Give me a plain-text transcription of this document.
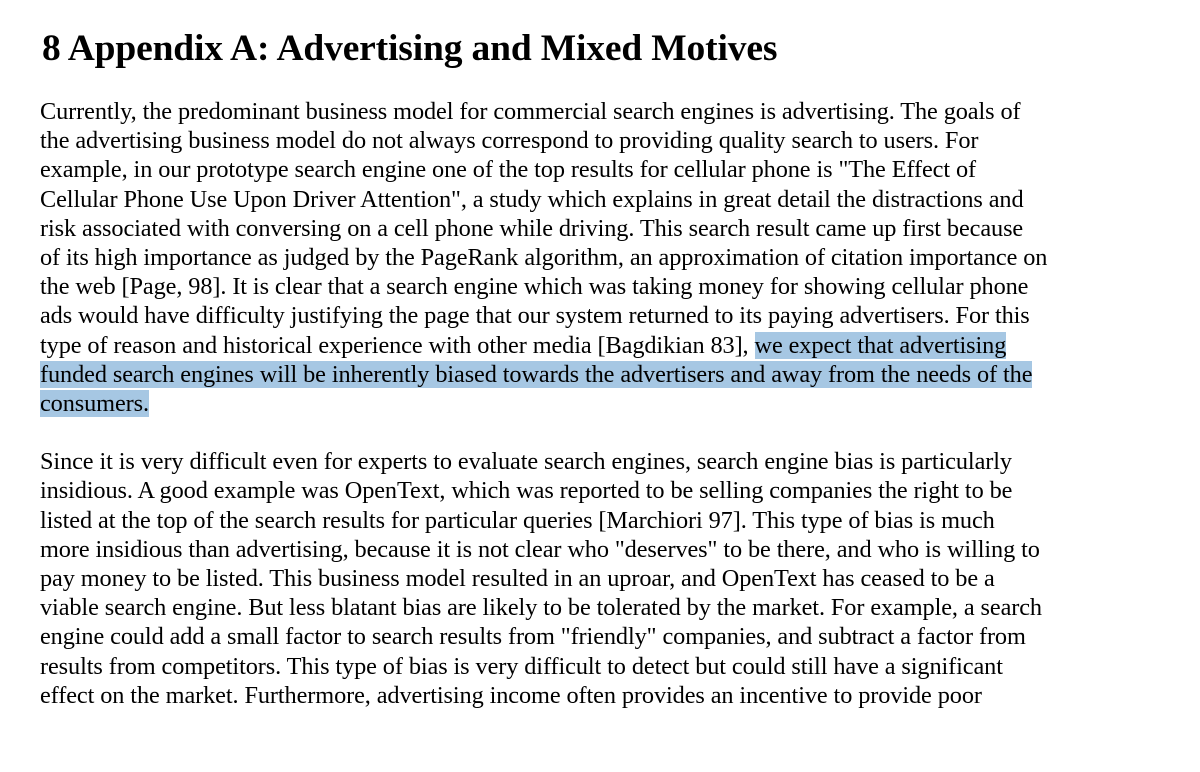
8 Appendix A: Advertising and Mixed Motives

Currently, the predominant business model for commercial search engines is advertising. The goals of
the advertising business model do not always correspond to providing quality search to users. For
example, in our prototype search engine one of the top results for cellular phone is "The Effect of
Cellular Phone Use Upon Driver Attention", a study which explains in great detail the distractions and
risk associated with conversing on a cell phone while driving. This search result came up first because
of its high importance as judged by the PageRank algorithm, an approximation of citation importance on
the web [Page, 98]. It is clear that a search engine which was taking money for showing cellular phone
ads would have difficulty justifying the page that our system returned to its paying advertisers. For this
type of reason and historical experience with other media [Bagdikian 83], we expect that advertising
funded search engines will be inherently biased towards the advertisers and away from the needs of the
consumers.

Since it is very difficult even for experts to evaluate search engines, search engine bias is particularly
insidious. A good example was OpenText, which was reported to be selling companies the right to be
listed at the top of the search results for particular queries [Marchiori 97]. This type of bias is much
more insidious than advertising, because it is not clear who "deserves" to be there, and who is willing to
pay money to be listed. This business model resulted in an uproar, and OpenText has ceased to be a
viable search engine. But less blatant bias are likely to be tolerated by the market. For example, a search
engine could add a small factor to search results from "friendly" companies, and subtract a factor from
results from competitors. This type of bias is very difficult to detect but could still have a significant
effect on the market. Furthermore, advertising income often provides an incentive to provide poor
